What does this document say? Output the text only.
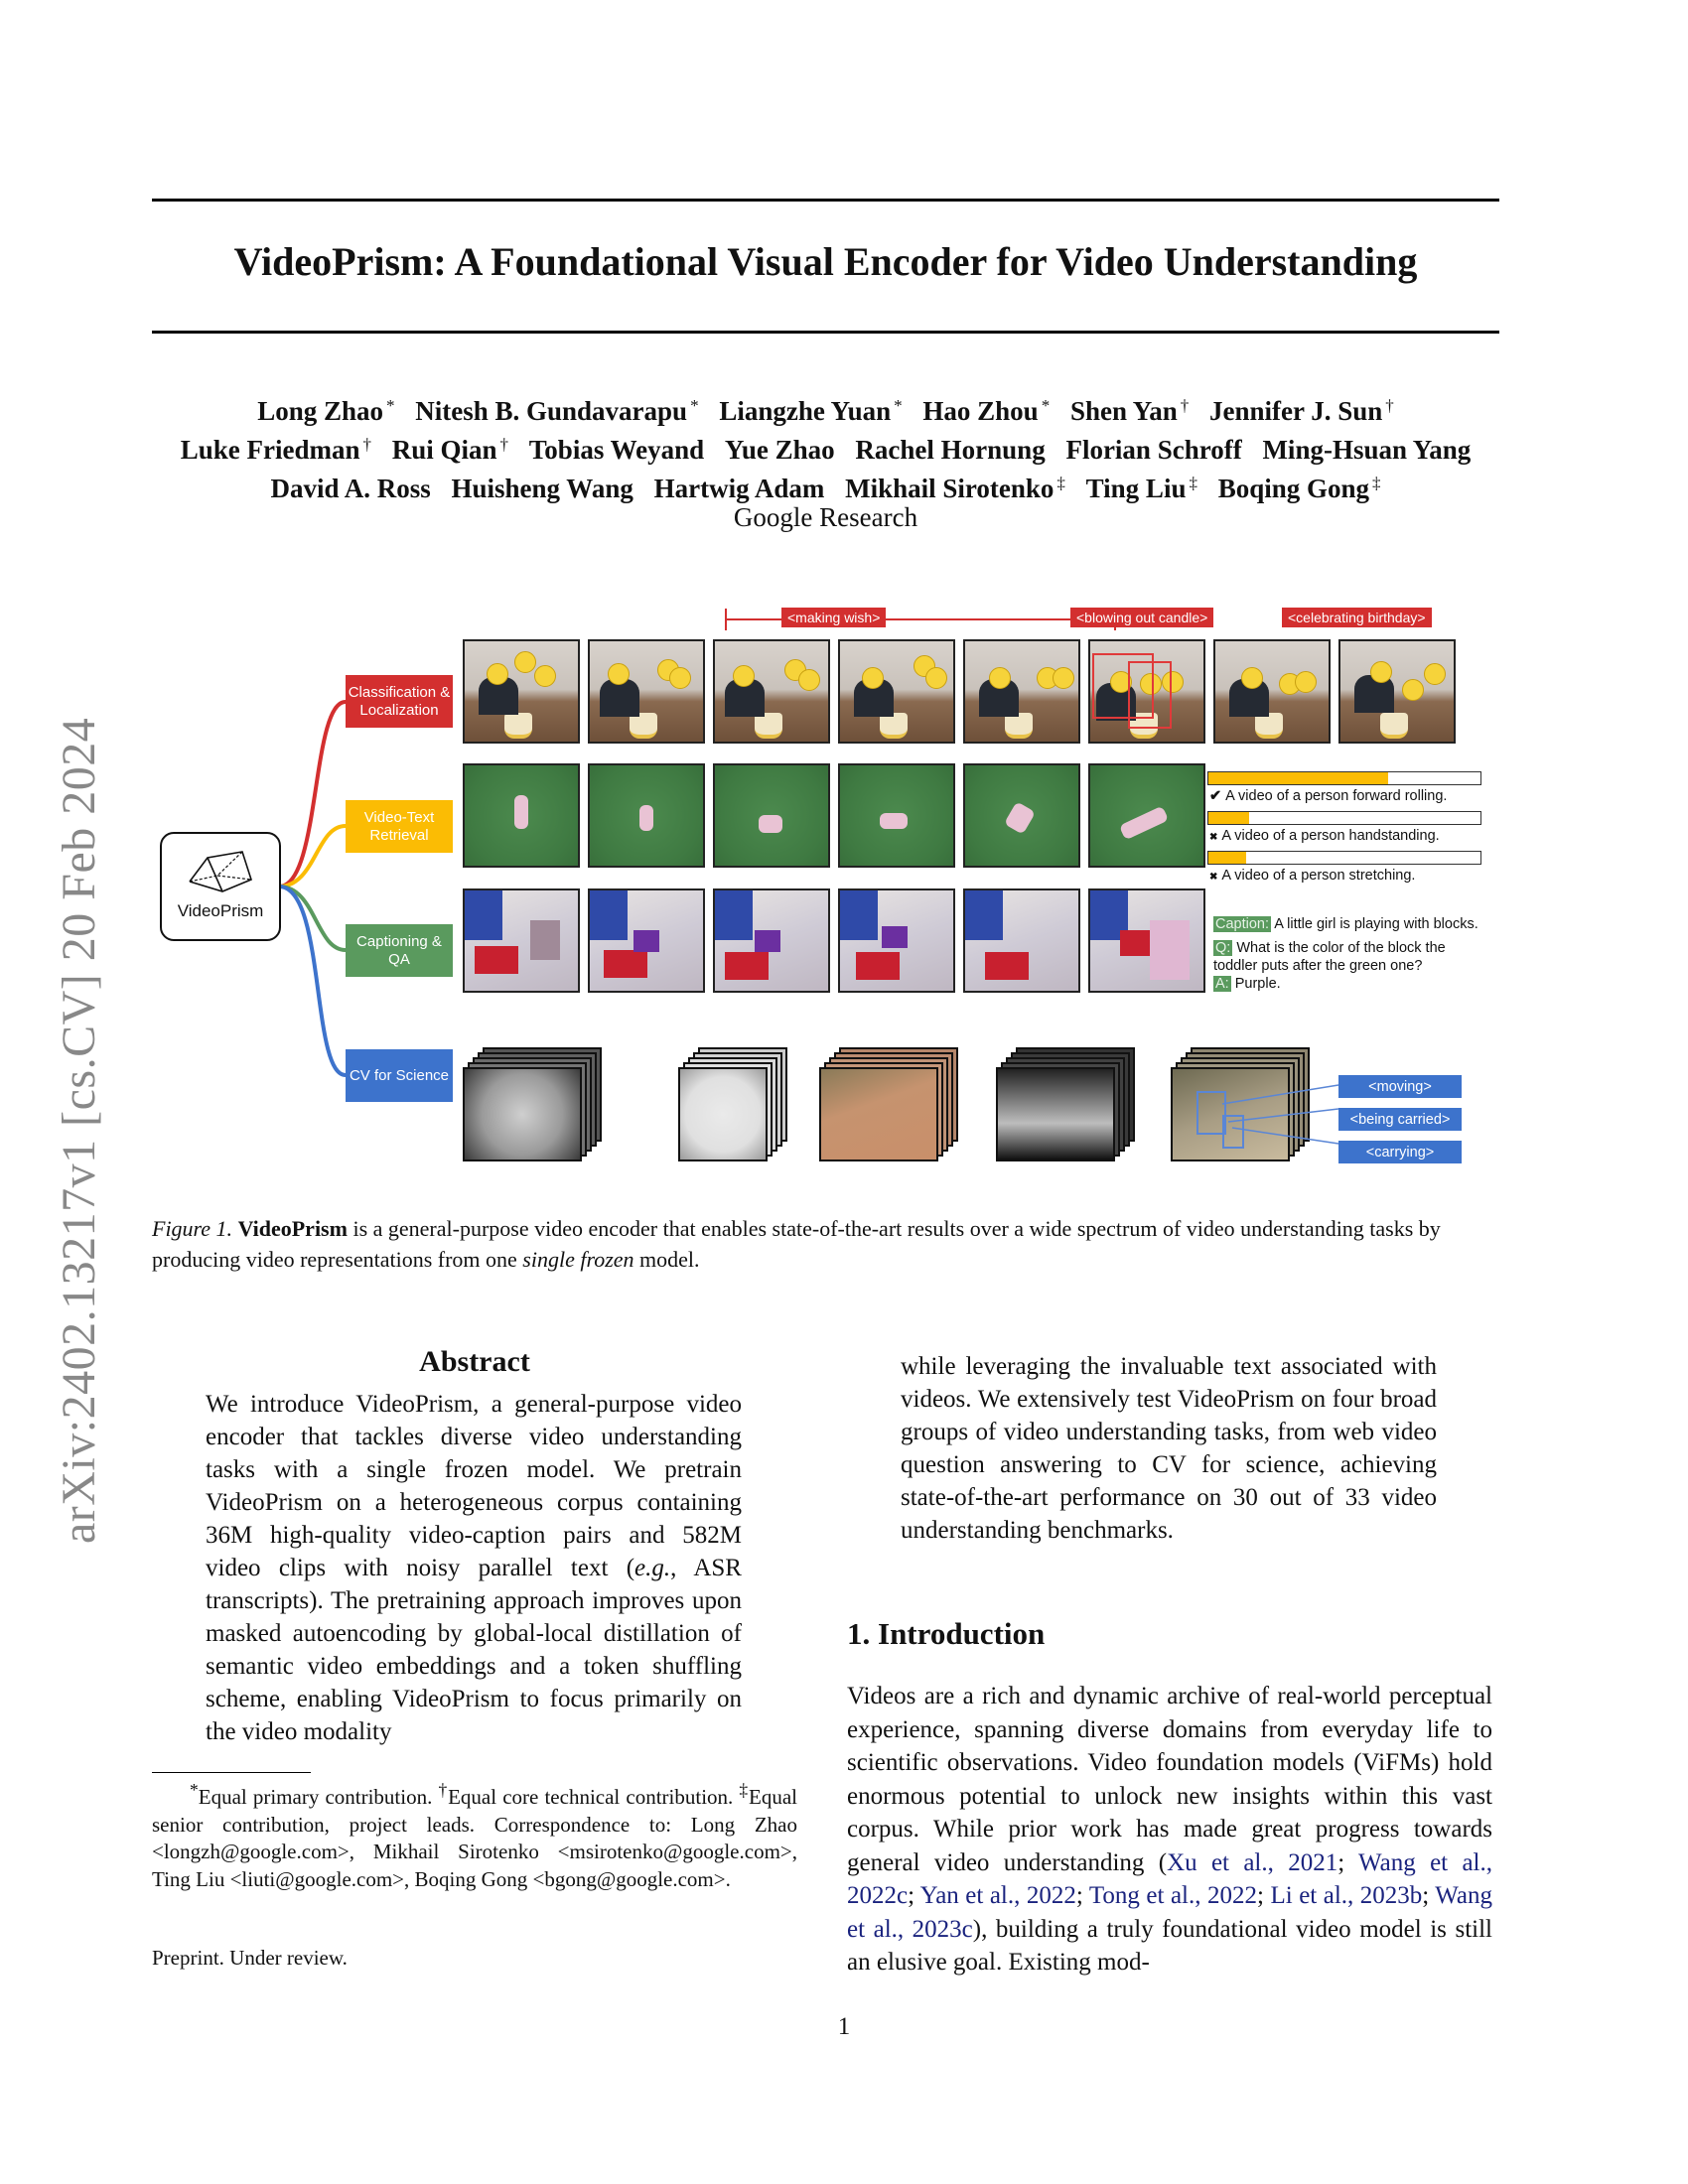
arXiv:2402.13217v1 [cs.CV] 20 Feb 2024
VideoPrism: A Foundational Visual Encoder for Video Understanding
Long Zhao * Nitesh B. Gundavarapu * Liangzhe Yuan * Hao Zhou * Shen Yan † Jennifer J. Sun †
Luke Friedman † Rui Qian † Tobias Weyand Yue Zhao Rachel Hornung Florian Schroff Ming-Hsuan Yang
David A. Ross Huisheng Wang Hartwig Adam Mikhail Sirotenko ‡ Ting Liu ‡ Boqing Gong ‡
Google Research
VideoPrism
Classification & Localization
Video-Text Retrieval
Captioning & QA
CV for Science
<making wish>	<blowing out candle>	<celebrating birthday>
✔ A video of a person forward rolling.
✖ A video of a person handstanding.
✖ A video of a person stretching.

Caption: A little girl is playing with blocks.

Q: What is the color of the block the toddler puts after the green one?
A: Purple.

<moving>
<being carried>
<carrying>
Figure 1. VideoPrism is a general-purpose video encoder that enables state-of-the-art results over a wide spectrum of video understanding tasks by producing video representations from one single frozen model.
Abstract
We introduce VideoPrism, a general-purpose video encoder that tackles diverse video understanding tasks with a single frozen model. We pretrain VideoPrism on a heterogeneous corpus containing 36M high-quality video-caption pairs and 582M video clips with noisy parallel text (e.g., ASR transcripts). The pretraining approach improves upon masked autoencoding by global-local distillation of semantic video embeddings and a token shuffling scheme, enabling VideoPrism to focus primarily on the video modality
*Equal primary contribution. †Equal core technical contribution. ‡Equal senior contribution, project leads. Correspondence to: Long Zhao <longzh@google.com>, Mikhail Sirotenko <msirotenko@google.com>, Ting Liu <liuti@google.com>, Boqing Gong <bgong@google.com>.
Preprint. Under review.
while leveraging the invaluable text associated with videos. We extensively test VideoPrism on four broad groups of video understanding tasks, from web video question answering to CV for science, achieving state-of-the-art performance on 30 out of 33 video understanding benchmarks.
1. Introduction
Videos are a rich and dynamic archive of real-world perceptual experience, spanning diverse domains from everyday life to scientific observations. Video foundation models (ViFMs) hold enormous potential to unlock new insights within this vast corpus. While prior work has made great progress towards general video understanding (Xu et al., 2021; Wang et al., 2022c; Yan et al., 2022; Tong et al., 2022; Li et al., 2023b; Wang et al., 2023c), building a truly foundational video model is still an elusive goal. Existing mod-
1
